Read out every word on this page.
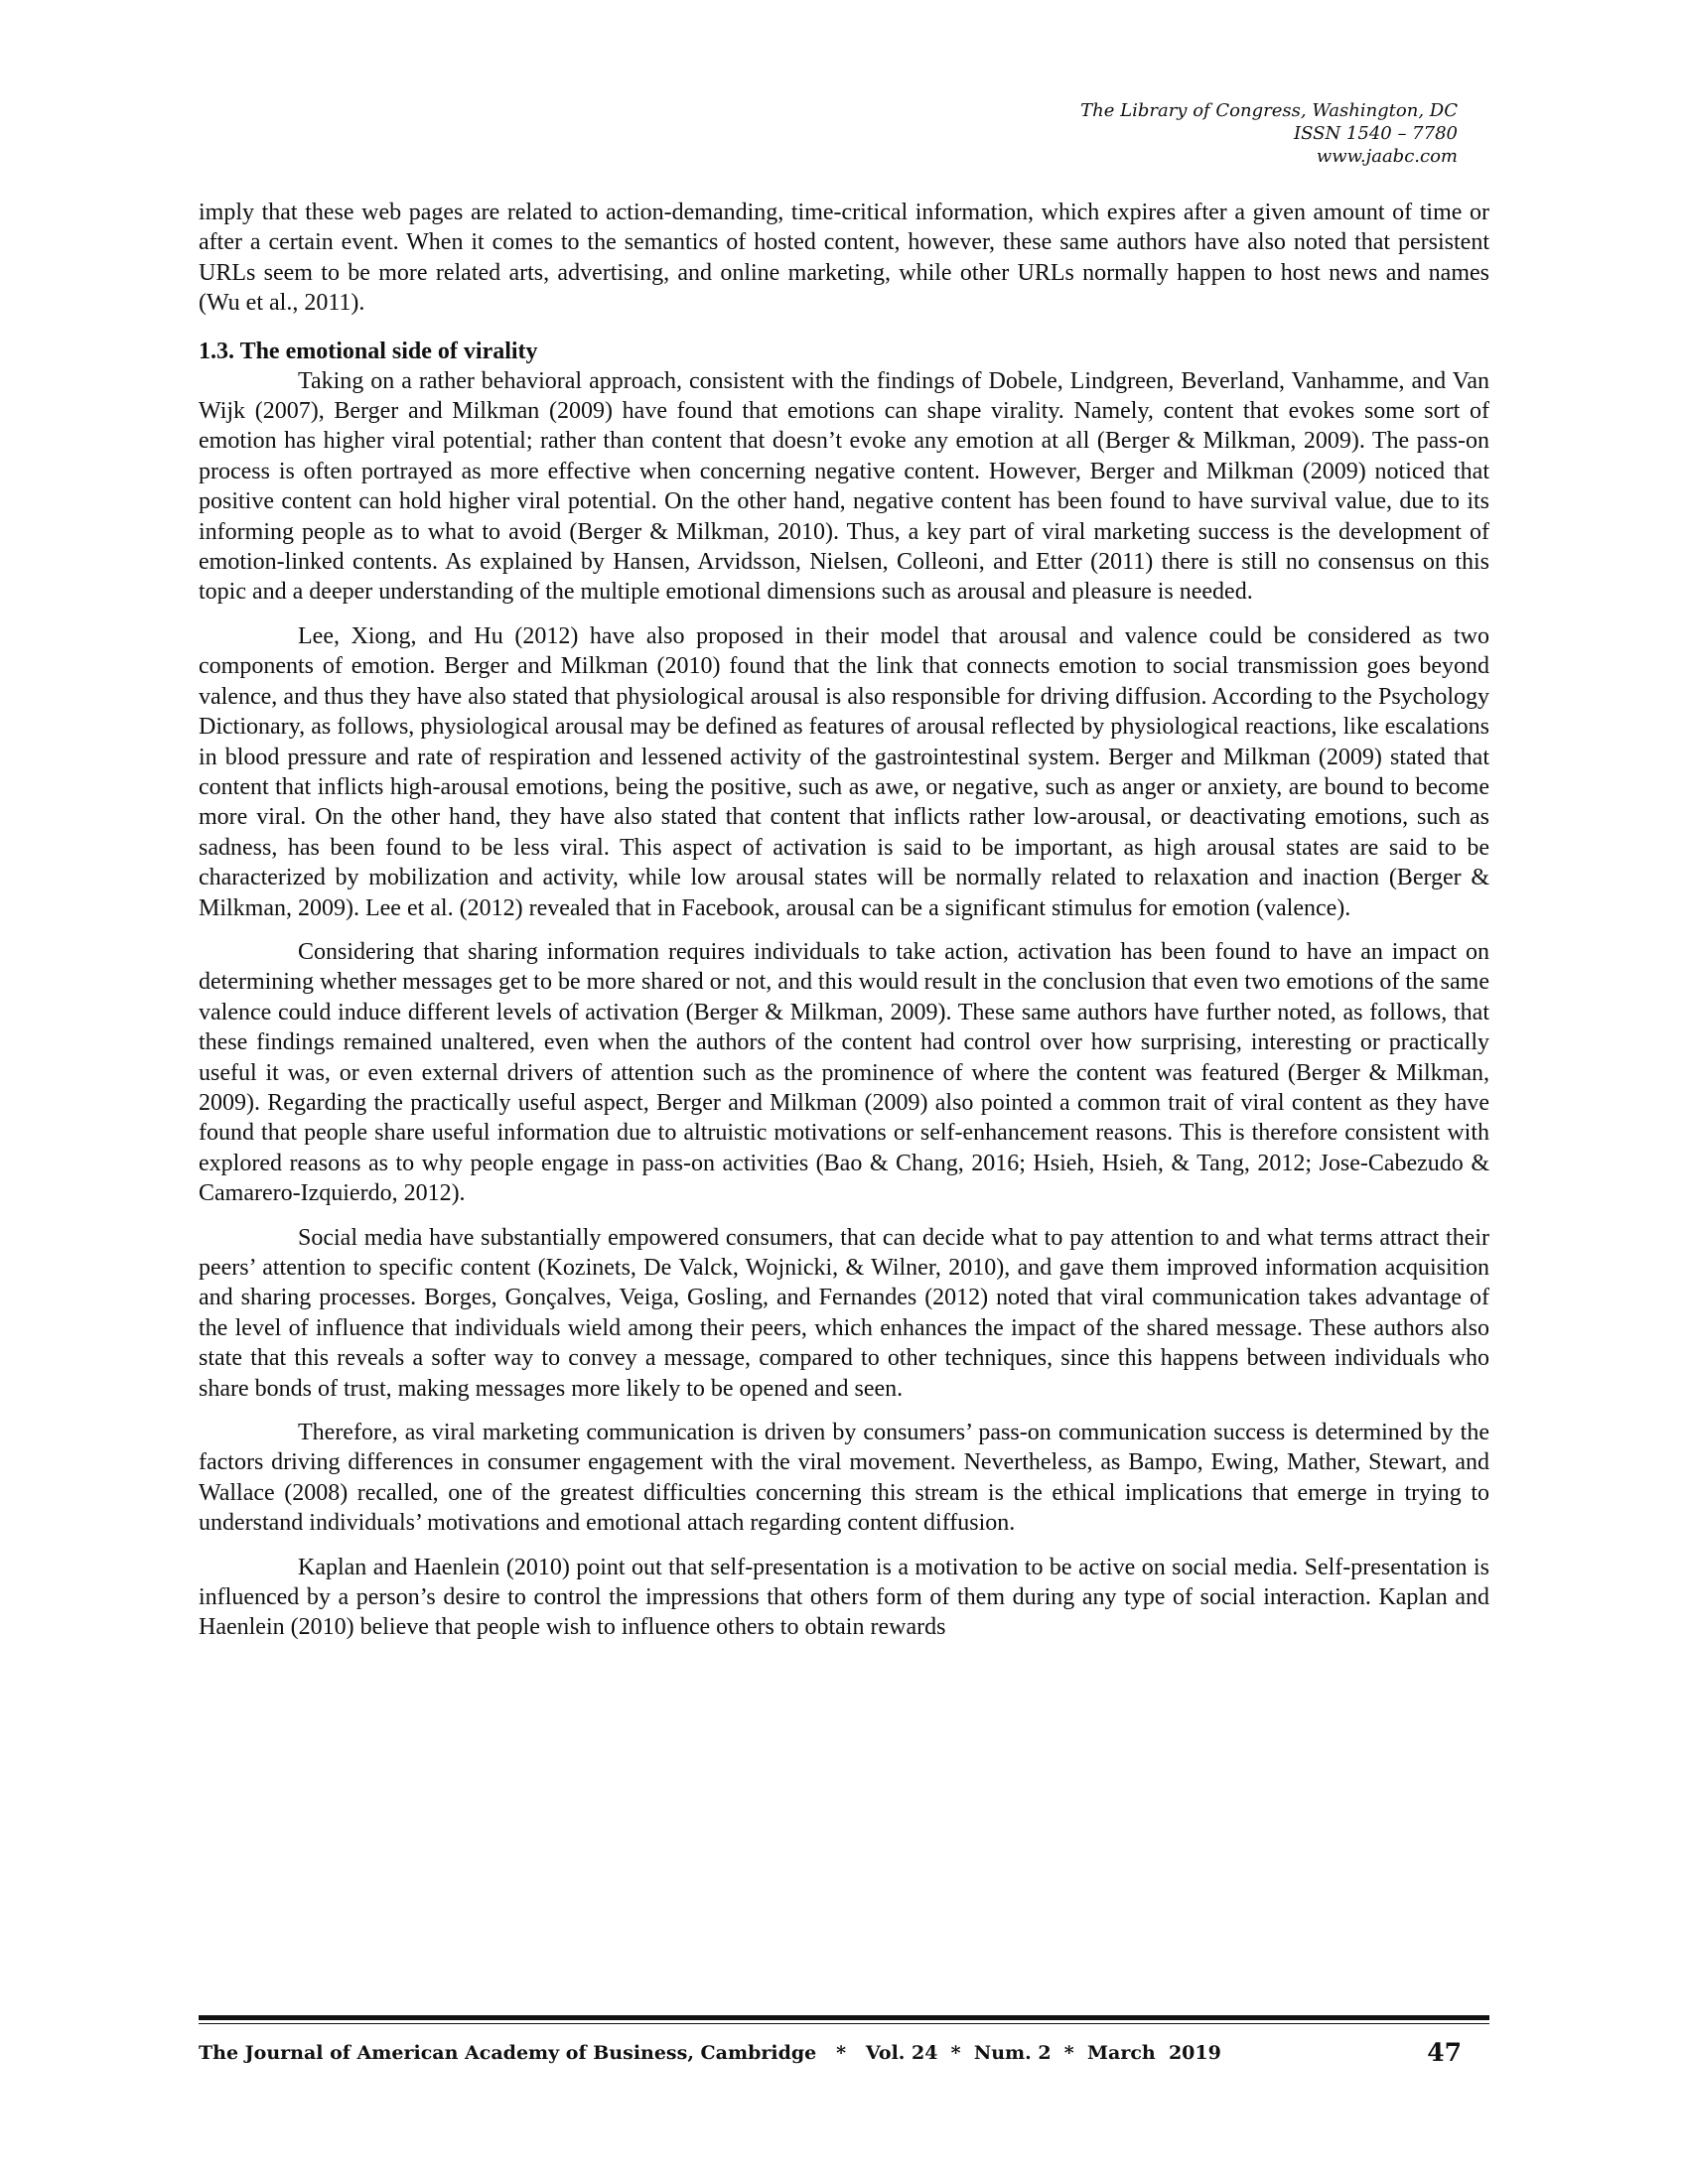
The Library of Congress, Washington, DC
ISSN 1540 – 7780
www.jaabc.com

imply that these web pages are related to action-demanding, time-critical information, which expires after a given amount of time or after a certain event. When it comes to the semantics of hosted content, however, these same authors have also noted that persistent URLs seem to be more related arts, advertising, and online marketing, while other URLs normally happen to host news and names (Wu et al., 2011).

1.3. The emotional side of virality

Taking on a rather behavioral approach, consistent with the findings of Dobele, Lindgreen, Beverland, Vanhamme, and Van Wijk (2007), Berger and Milkman (2009) have found that emotions can shape virality. Namely, content that evokes some sort of emotion has higher viral potential; rather than content that doesn’t evoke any emotion at all (Berger & Milkman, 2009). The pass-on process is often portrayed as more effective when concerning negative content. However, Berger and Milkman (2009) noticed that positive content can hold higher viral potential. On the other hand, negative content has been found to have survival value, due to its informing people as to what to avoid (Berger & Milkman, 2010). Thus, a key part of viral marketing success is the development of emotion-linked contents. As explained by Hansen, Arvidsson, Nielsen, Colleoni, and Etter (2011) there is still no consensus on this topic and a deeper understanding of the multiple emotional dimensions such as arousal and pleasure is needed.

Lee, Xiong, and Hu (2012) have also proposed in their model that arousal and valence could be considered as two components of emotion. Berger and Milkman (2010) found that the link that connects emotion to social transmission goes beyond valence, and thus they have also stated that physiological arousal is also responsible for driving diffusion. According to the Psychology Dictionary, as follows, physiological arousal may be defined as features of arousal reflected by physiological reactions, like escalations in blood pressure and rate of respiration and lessened activity of the gastrointestinal system. Berger and Milkman (2009) stated that content that inflicts high-arousal emotions, being the positive, such as awe, or negative, such as anger or anxiety, are bound to become more viral. On the other hand, they have also stated that content that inflicts rather low-arousal, or deactivating emotions, such as sadness, has been found to be less viral. This aspect of activation is said to be important, as high arousal states are said to be characterized by mobilization and activity, while low arousal states will be normally related to relaxation and inaction (Berger & Milkman, 2009). Lee et al. (2012) revealed that in Facebook, arousal can be a significant stimulus for emotion (valence).

Considering that sharing information requires individuals to take action, activation has been found to have an impact on determining whether messages get to be more shared or not, and this would result in the conclusion that even two emotions of the same valence could induce different levels of activation (Berger & Milkman, 2009). These same authors have further noted, as follows, that these findings remained unaltered, even when the authors of the content had control over how surprising, interesting or practically useful it was, or even external drivers of attention such as the prominence of where the content was featured (Berger & Milkman, 2009). Regarding the practically useful aspect, Berger and Milkman (2009) also pointed a common trait of viral content as they have found that people share useful information due to altruistic motivations or self-enhancement reasons. This is therefore consistent with explored reasons as to why people engage in pass-on activities (Bao & Chang, 2016; Hsieh, Hsieh, & Tang, 2012; Jose-Cabezudo & Camarero-Izquierdo, 2012).

Social media have substantially empowered consumers, that can decide what to pay attention to and what terms attract their peers’ attention to specific content (Kozinets, De Valck, Wojnicki, & Wilner, 2010), and gave them improved information acquisition and sharing processes. Borges, Gonçalves, Veiga, Gosling, and Fernandes (2012) noted that viral communication takes advantage of the level of influence that individuals wield among their peers, which enhances the impact of the shared message. These authors also state that this reveals a softer way to convey a message, compared to other techniques, since this happens between individuals who share bonds of trust, making messages more likely to be opened and seen.

Therefore, as viral marketing communication is driven by consumers’ pass-on communication success is determined by the factors driving differences in consumer engagement with the viral movement. Nevertheless, as Bampo, Ewing, Mather, Stewart, and Wallace (2008) recalled, one of the greatest difficulties concerning this stream is the ethical implications that emerge in trying to understand individuals’ motivations and emotional attach regarding content diffusion.

Kaplan and Haenlein (2010) point out that self-presentation is a motivation to be active on social media. Self-presentation is influenced by a person’s desire to control the impressions that others form of them during any type of social interaction. Kaplan and Haenlein (2010) believe that people wish to influence others to obtain rewards

The Journal of American Academy of Business, Cambridge   *   Vol. 24  *  Num. 2  *  March  2019	47
